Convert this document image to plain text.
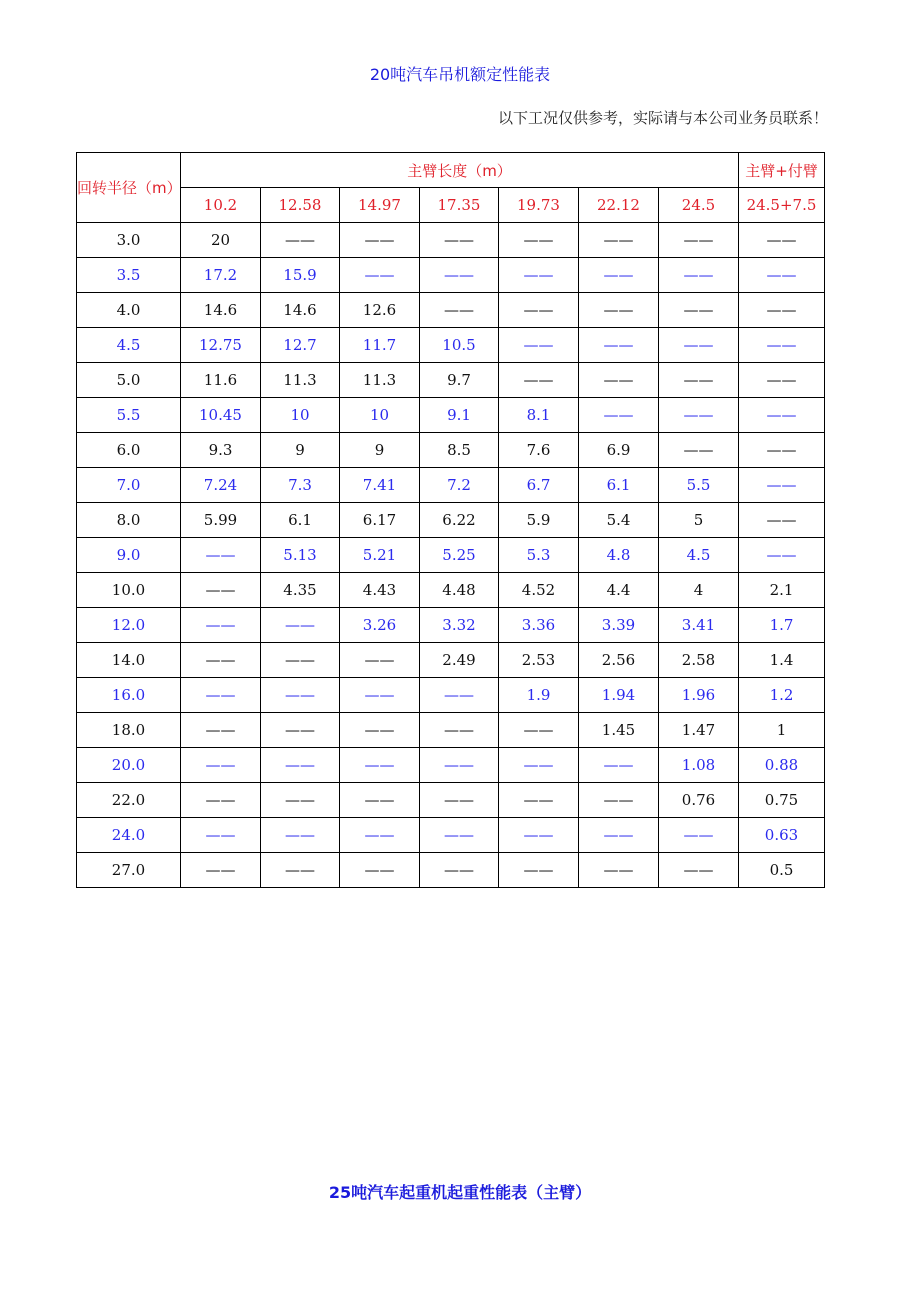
20吨汽车吊机额定性能表
以下工况仅供参考，实际请与本公司业务员联系！
回转半径（m）	主臂长度（m）							主臂+付臂
	10.2	12.58	14.97	17.35	19.73	22.12	24.5	24.5+7.5
3.0	20	——	——	——	——	——	——	——
3.5	17.2	15.9	——	——	——	——	——	——
4.0	14.6	14.6	12.6	——	——	——	——	——
4.5	12.75	12.7	11.7	10.5	——	——	——	——
5.0	11.6	11.3	11.3	9.7	——	——	——	——
5.5	10.45	10	10	9.1	8.1	——	——	——
6.0	9.3	9	9	8.5	7.6	6.9	——	——
7.0	7.24	7.3	7.41	7.2	6.7	6.1	5.5	——
8.0	5.99	6.1	6.17	6.22	5.9	5.4	5	——
9.0	——	5.13	5.21	5.25	5.3	4.8	4.5	——
10.0	——	4.35	4.43	4.48	4.52	4.4	4	2.1
12.0	——	——	3.26	3.32	3.36	3.39	3.41	1.7
14.0	——	——	——	2.49	2.53	2.56	2.58	1.4
16.0	——	——	——	——	1.9	1.94	1.96	1.2
18.0	——	——	——	——	——	1.45	1.47	1
20.0	——	——	——	——	——	——	1.08	0.88
22.0	——	——	——	——	——	——	0.76	0.75
24.0	——	——	——	——	——	——	——	0.63
27.0	——	——	——	——	——	——	——	0.5
25吨汽车起重机起重性能表（主臂）
